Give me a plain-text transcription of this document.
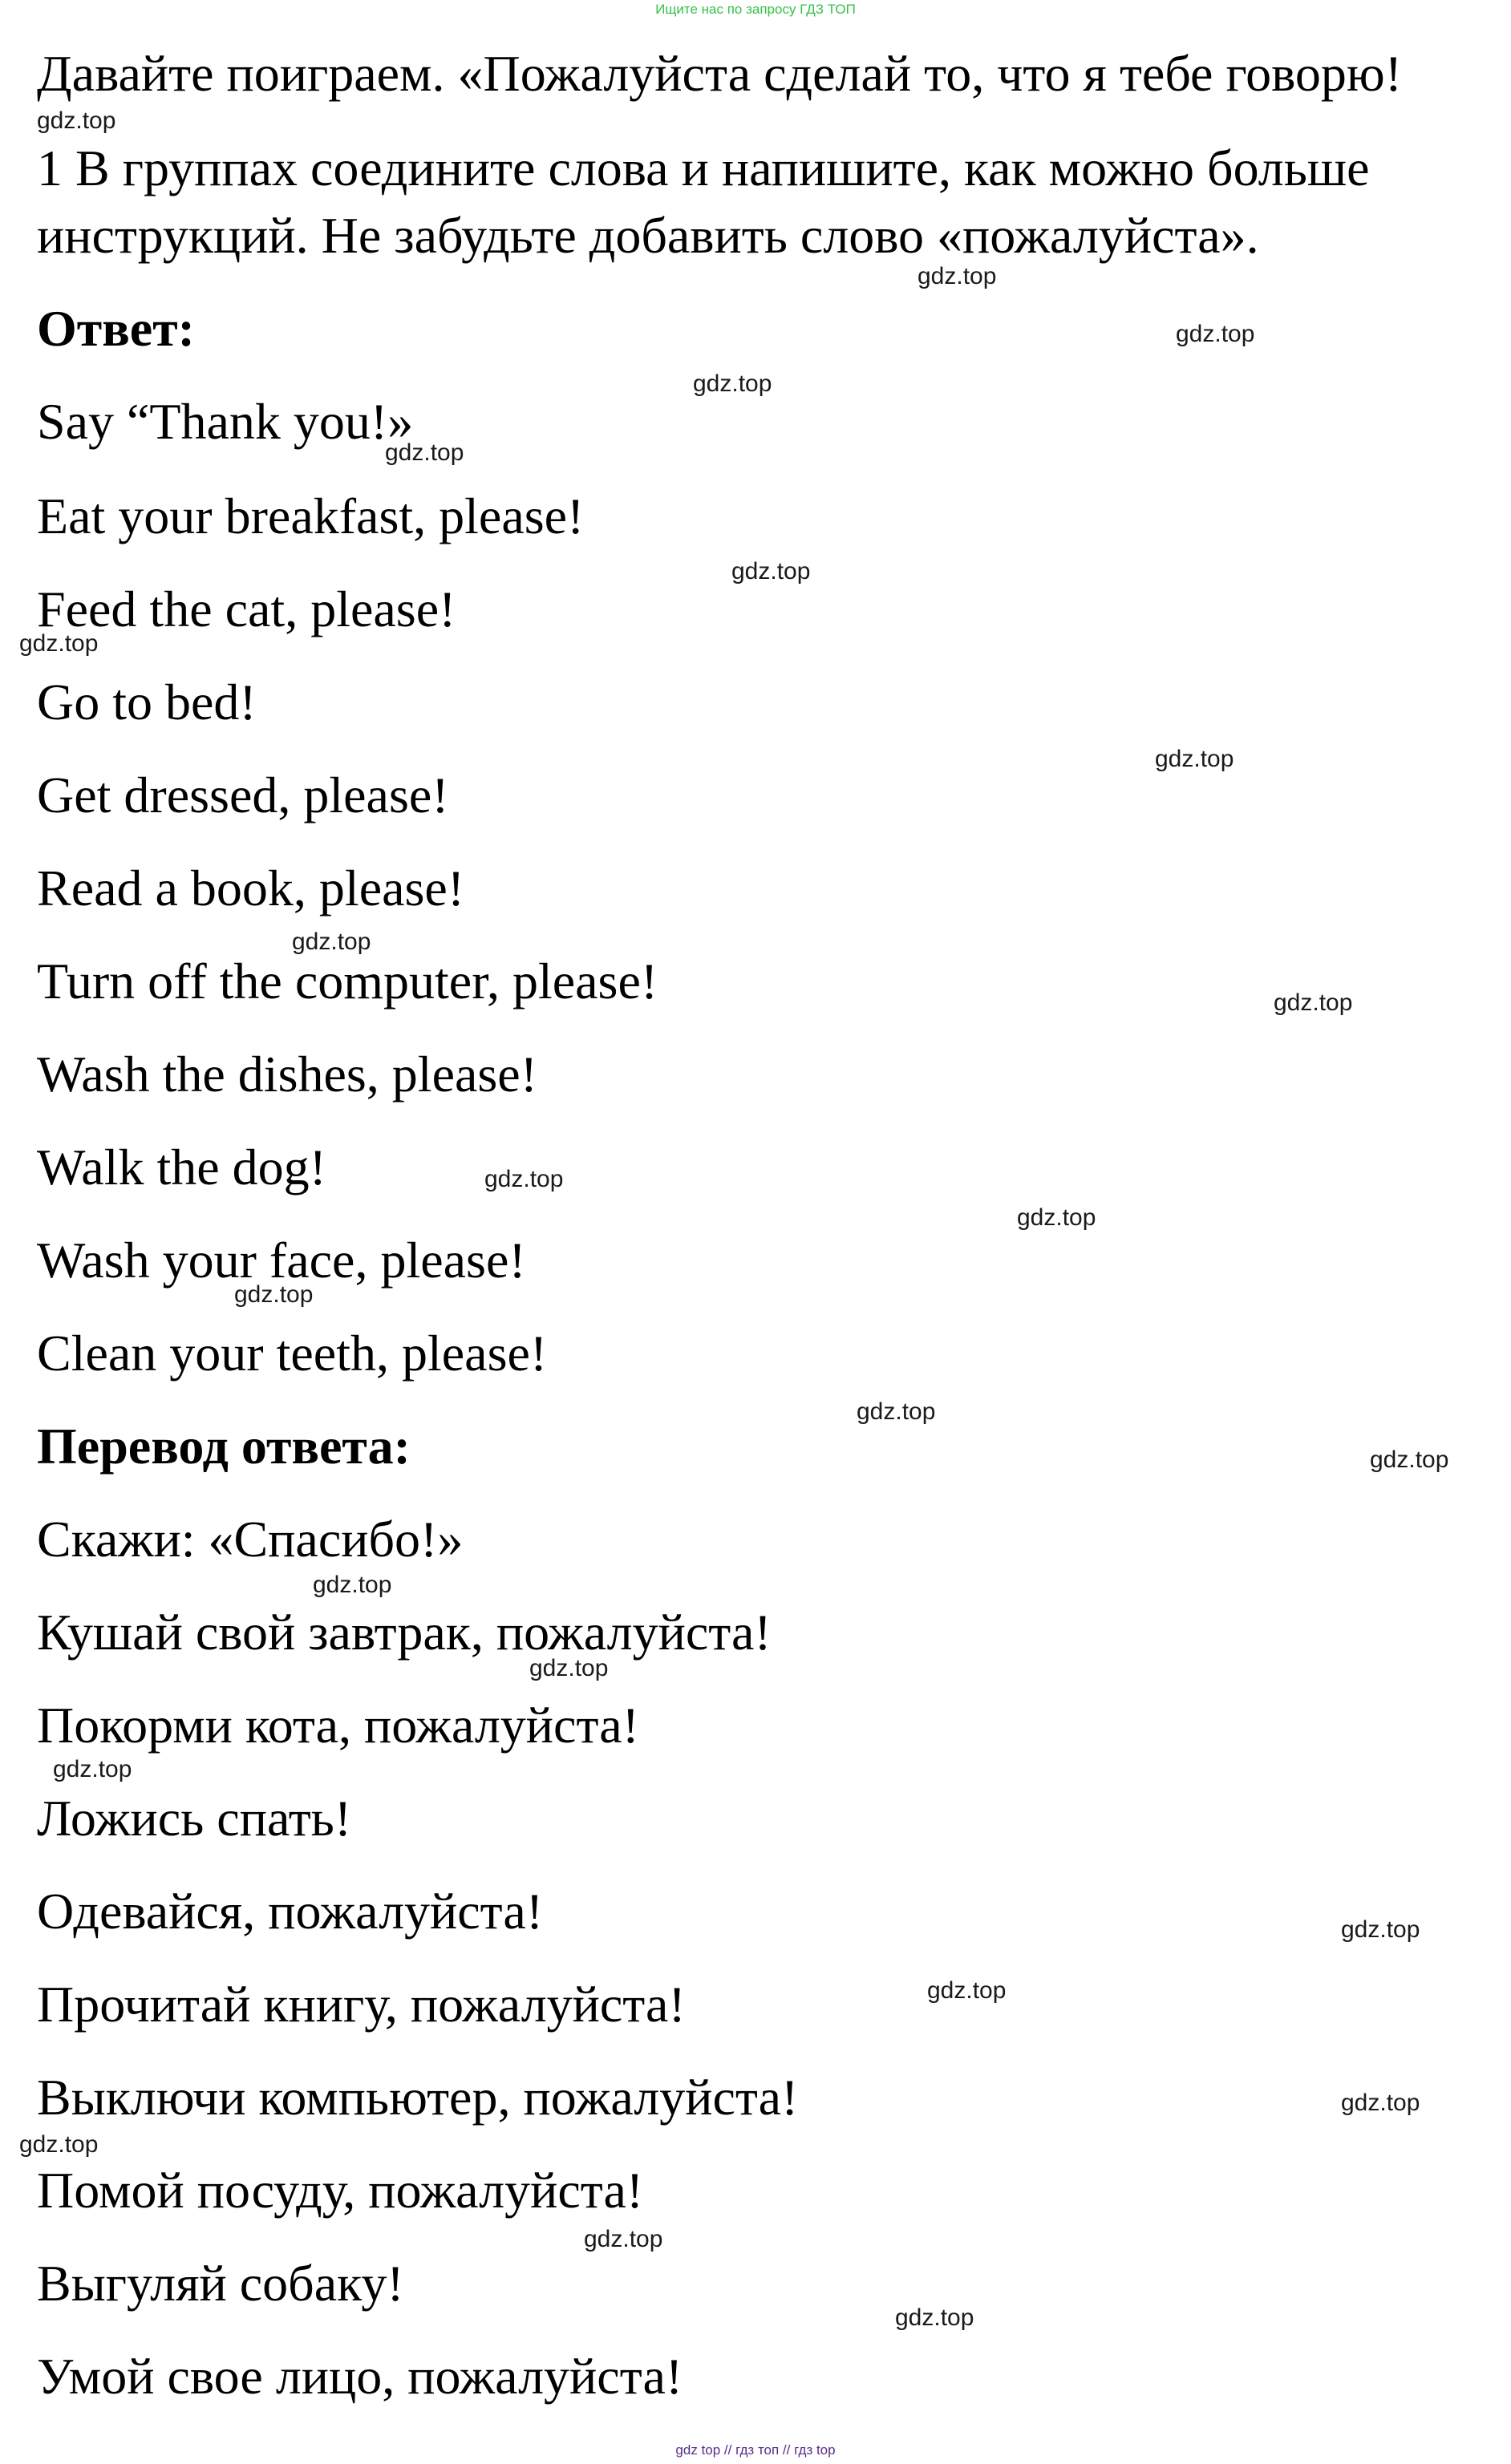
Ищите нас по запросу ГДЗ ТОП
Давайте поиграем. «Пожалуйста сделай то, что я тебе говорю!
1 В группах соедините слова и напишите, как можно больше
инструкций. Не забудьте добавить слово «пожалуйста».
Ответ:
Say “Thank you!»
Eat your breakfast, please!
Feed the cat, please!
Go to bed!
Get dressed, please!
Read a book, please!
Turn off the computer, please!
Wash the dishes, please!
Walk the dog!
Wash your face, please!
Clean your teeth, please!
Перевод ответа:
Скажи: «Спасибо!»
Кушай свой завтрак, пожалуйста!
Покорми кота, пожалуйста!
Ложись спать!
Одевайся, пожалуйста!
Прочитай книгу, пожалуйста!
Выключи компьютер, пожалуйста!
Помой посуду, пожалуйста!
Выгуляй собаку!
Умой свое лицо, пожалуйста!
gdz.top
gdz.top
gdz.top
gdz.top
gdz.top
gdz.top
gdz.top
gdz.top
gdz.top
gdz.top
gdz.top
gdz.top
gdz.top
gdz.top
gdz.top
gdz.top
gdz.top
gdz.top
gdz.top
gdz.top
gdz.top
gdz.top
gdz.top
gdz.top
gdz top // гдз топ // гдз top
